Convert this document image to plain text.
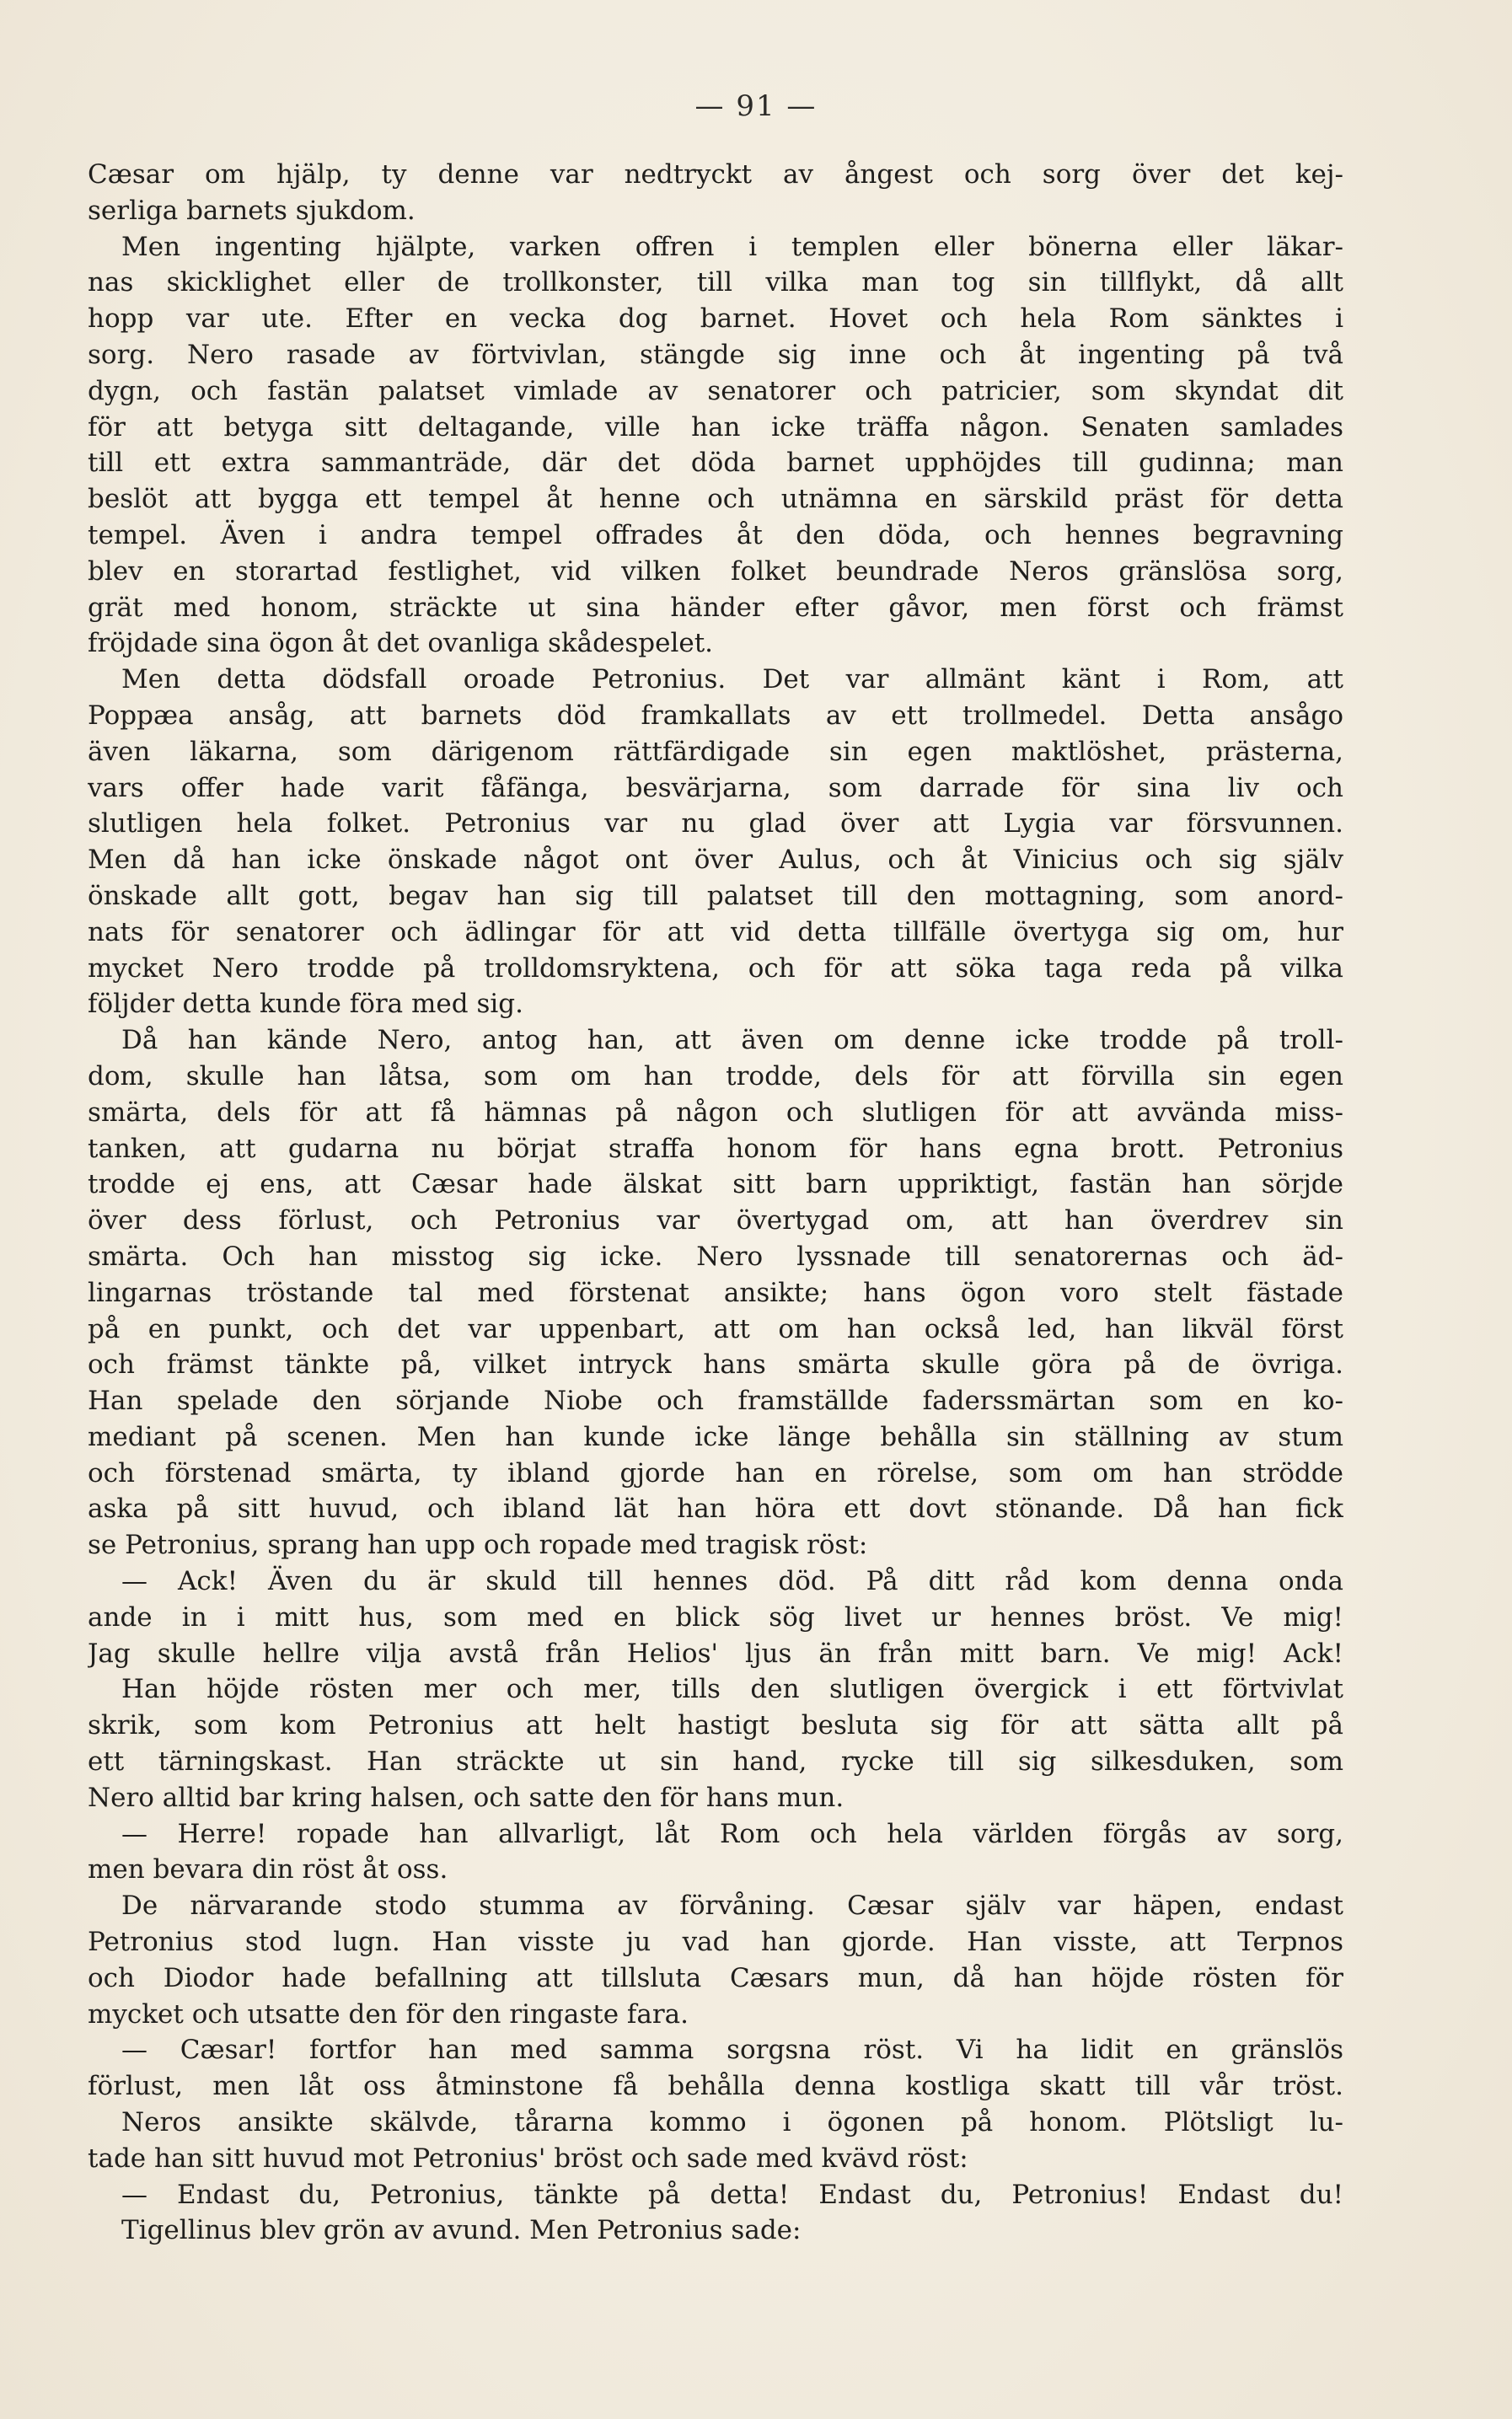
— 91 —

Cæsar om hjälp, ty denne var nedtryckt av ångest och sorg över det kej-

serliga barnets sjukdom.

Men ingenting hjälpte, varken offren i templen eller bönerna eller läkar-

nas skicklighet eller de trollkonster, till vilka man tog sin tillflykt, då allt

hopp var ute. Efter en vecka dog barnet. Hovet och hela Rom sänktes i

sorg. Nero rasade av förtvivlan, stängde sig inne och åt ingenting på två

dygn, och fastän palatset vimlade av senatorer och patricier, som skyndat dit

för att betyga sitt deltagande, ville han icke träffa någon. Senaten samlades

till ett extra sammanträde, där det döda barnet upphöjdes till gudinna; man

beslöt att bygga ett tempel åt henne och utnämna en särskild präst för detta

tempel. Även i andra tempel offrades åt den döda, och hennes begravning

blev en storartad festlighet, vid vilken folket beundrade Neros gränslösa sorg,

grät med honom, sträckte ut sina händer efter gåvor, men först och främst

fröjdade sina ögon åt det ovanliga skådespelet.

Men detta dödsfall oroade Petronius. Det var allmänt känt i Rom, att

Poppæa ansåg, att barnets död framkallats av ett trollmedel. Detta ansågo

även läkarna, som därigenom rättfärdigade sin egen maktlöshet, prästerna,

vars offer hade varit fåfänga, besvärjarna, som darrade för sina liv och

slutligen hela folket. Petronius var nu glad över att Lygia var försvunnen.

Men då han icke önskade något ont över Aulus, och åt Vinicius och sig själv

önskade allt gott, begav han sig till palatset till den mottagning, som anord-

nats för senatorer och ädlingar för att vid detta tillfälle övertyga sig om, hur

mycket Nero trodde på trolldomsryktena, och för att söka taga reda på vilka

följder detta kunde föra med sig.

Då han kände Nero, antog han, att även om denne icke trodde på troll-

dom, skulle han låtsa, som om han trodde, dels för att förvilla sin egen

smärta, dels för att få hämnas på någon och slutligen för att avvända miss-

tanken, att gudarna nu börjat straffa honom för hans egna brott. Petronius

trodde ej ens, att Cæsar hade älskat sitt barn uppriktigt, fastän han sörjde

över dess förlust, och Petronius var övertygad om, att han överdrev sin

smärta. Och han misstog sig icke. Nero lyssnade till senatorernas och äd-

lingarnas tröstande tal med förstenat ansikte; hans ögon voro stelt fästade

på en punkt, och det var uppenbart, att om han också led, han likväl först

och främst tänkte på, vilket intryck hans smärta skulle göra på de övriga.

Han spelade den sörjande Niobe och framställde faderssmärtan som en ko-

mediant på scenen. Men han kunde icke länge behålla sin ställning av stum

och förstenad smärta, ty ibland gjorde han en rörelse, som om han strödde

aska på sitt huvud, och ibland lät han höra ett dovt stönande. Då han fick

se Petronius, sprang han upp och ropade med tragisk röst:

— Ack! Även du är skuld till hennes död. På ditt råd kom denna onda

ande in i mitt hus, som med en blick sög livet ur hennes bröst. Ve mig!

Jag skulle hellre vilja avstå från Helios' ljus än från mitt barn. Ve mig! Ack!

Han höjde rösten mer och mer, tills den slutligen övergick i ett förtvivlat

skrik, som kom Petronius att helt hastigt besluta sig för att sätta allt på

ett tärningskast. Han sträckte ut sin hand, rycke till sig silkesduken, som

Nero alltid bar kring halsen, och satte den för hans mun.

— Herre! ropade han allvarligt, låt Rom och hela världen förgås av sorg,

men bevara din röst åt oss.

De närvarande stodo stumma av förvåning. Cæsar själv var häpen, endast

Petronius stod lugn. Han visste ju vad han gjorde. Han visste, att Terpnos

och Diodor hade befallning att tillsluta Cæsars mun, då han höjde rösten för

mycket och utsatte den för den ringaste fara.

— Cæsar! fortfor han med samma sorgsna röst. Vi ha lidit en gränslös

förlust, men låt oss åtminstone få behålla denna kostliga skatt till vår tröst.

Neros ansikte skälvde, tårarna kommo i ögonen på honom. Plötsligt lu-

tade han sitt huvud mot Petronius' bröst och sade med kvävd röst:

— Endast du, Petronius, tänkte på detta! Endast du, Petronius! Endast du!

Tigellinus blev grön av avund. Men Petronius sade:
